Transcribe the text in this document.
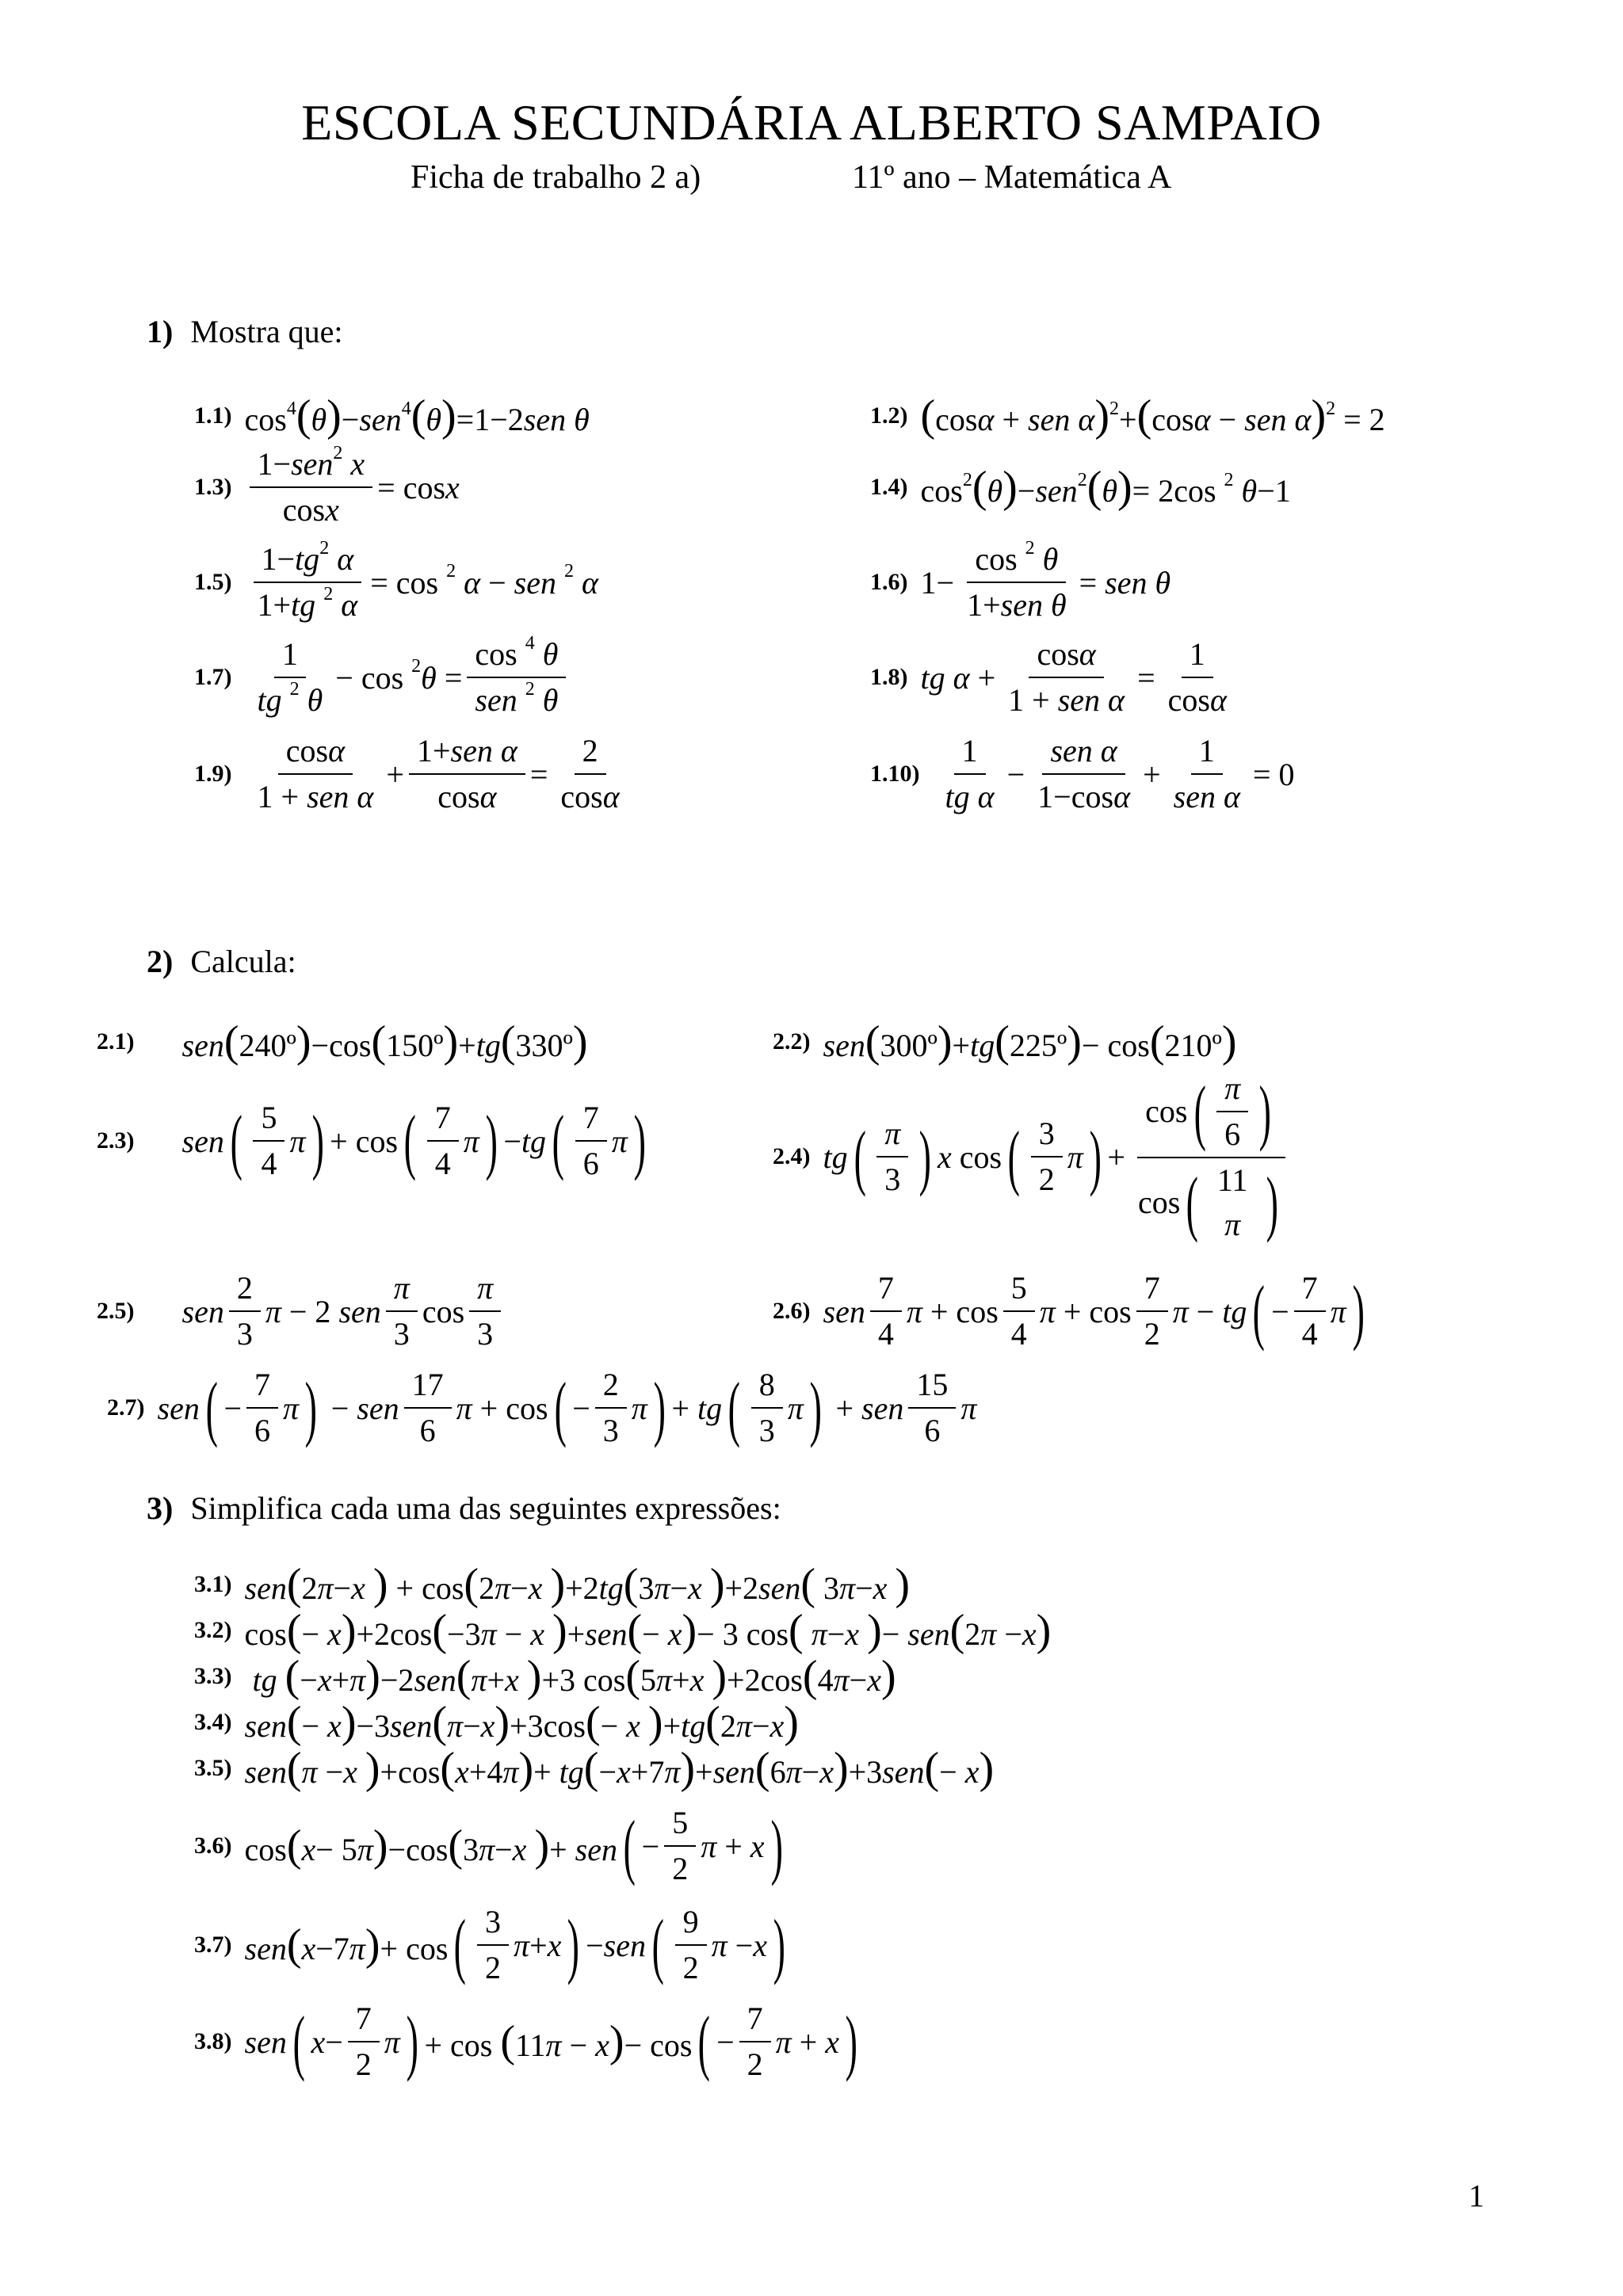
ESCOLA SECUNDÁRIA ALBERTO SAMPAIO
Ficha de trabalho 2 a)	11º ano – Matemática A
1) Mostra que:
1.1) $\cos^4(\theta)-sen^4(\theta)=1-2sen$ θ	1.2) (cosα + sen α)$^2$+(cosα − sen α)$^2$ = 2
$1.3) \frac{1-sen^2 x}{\cos x} = \cos x$	1.4) $\cos^2(\theta)-sen^2(\theta)= 2\cos$ $^2$ θ−1
$1.5) \frac{1-tg^2 \alpha}{1+tg ^2 \alpha} = \cos ^2$ α − sen $^2$ α	1.6) $1- \frac{\cos ^2 \theta}{\text{1+sen θ}}$ = sen θ
$1.7) \frac{1}{tg ^2 \theta} - \cos ^2\theta = \frac{\cos ^4 \theta}{sen ^2 \theta}$	1.8) tg $\alpha + \frac{\cos\alpha}{\text{1 + sen α}} = \frac{1}{\cos\alpha}$
$1.9) \frac{\cos\alpha}{\text{1 + sen α}} + \frac{\text{1+sen α}}{\cos\alpha} = \frac{2}{\cos\alpha}$	$1.10) \frac{1}{\text{tg α}} - \frac{\text{sen α}}{1-\cos\alpha} + \frac{1}{\text{sen α}} = 0$
2) Calcula:
2.1) sen(240º)−cos(150º)+tg(330º)	2.2) sen(300º)+tg(225º)− cos(210º)
2.3) sen ( $\frac{5}{4}$ π ) + cos ( $\frac{7}{4}$ π ) −tg ( $\frac{7}{6}$ π )	2.4) tg ( $\frac{\pi}{3}$ ) x cos ( $\frac{3}{2}$ π ) +
cos ( $\frac{\pi}{6}$ )
cos ( 11
π )
2.5) sen $\frac{2}{3}$ π − 2 sen $\frac{\pi}{3}$ $\cos \frac{\pi}{3}$	2.6) sen $\frac{7}{4}$ $\pi + \cos \frac{5}{4}$ $\pi + \cos \frac{7}{2}$ π − tg ( − $\frac{7}{4}$ π )
2.7) sen ( − $\frac{7}{6}$ π ) − sen $\frac{17}{6}$ π + cos ( − $\frac{2}{3}$ π ) + tg ( $\frac{8}{3}$ π ) + sen $\frac{15}{6}$ π
3) Simplifica cada uma das seguintes expressões:
3.1) sen(2π−x ) + cos(2π−x )+2tg(3π−x )+2sen( 3π−x )
3.2) cos(− x)+2cos(−3π − x )+sen(− x)− 3 cos( π−x )− sen(2π −x)
3.3) tg (−x+π)−2sen(π+x )+3 cos(5π+x )+2cos(4π−x)
3.4) sen(− x)−3sen(π−x)+3cos(− x )+tg(2π−x)
3.5) sen(π −x )+cos(x+4π)+ tg(−x+7π)+sen(6π−x)+3sen(− x)
3.6) cos(x− 5π)−cos(3π−x )+ sen ( − $\frac{5}{2}$ π + x )
3.7) sen(x−7π)+ cos ( $\frac{3}{2}$ π +x ) −sen ( $\frac{9}{2}$ π −x )
3.8) sen ( $x- \frac{7}{2}$ π ) + cos (11π − x)− cos ( − $\frac{7}{2}$ π + x )
1
